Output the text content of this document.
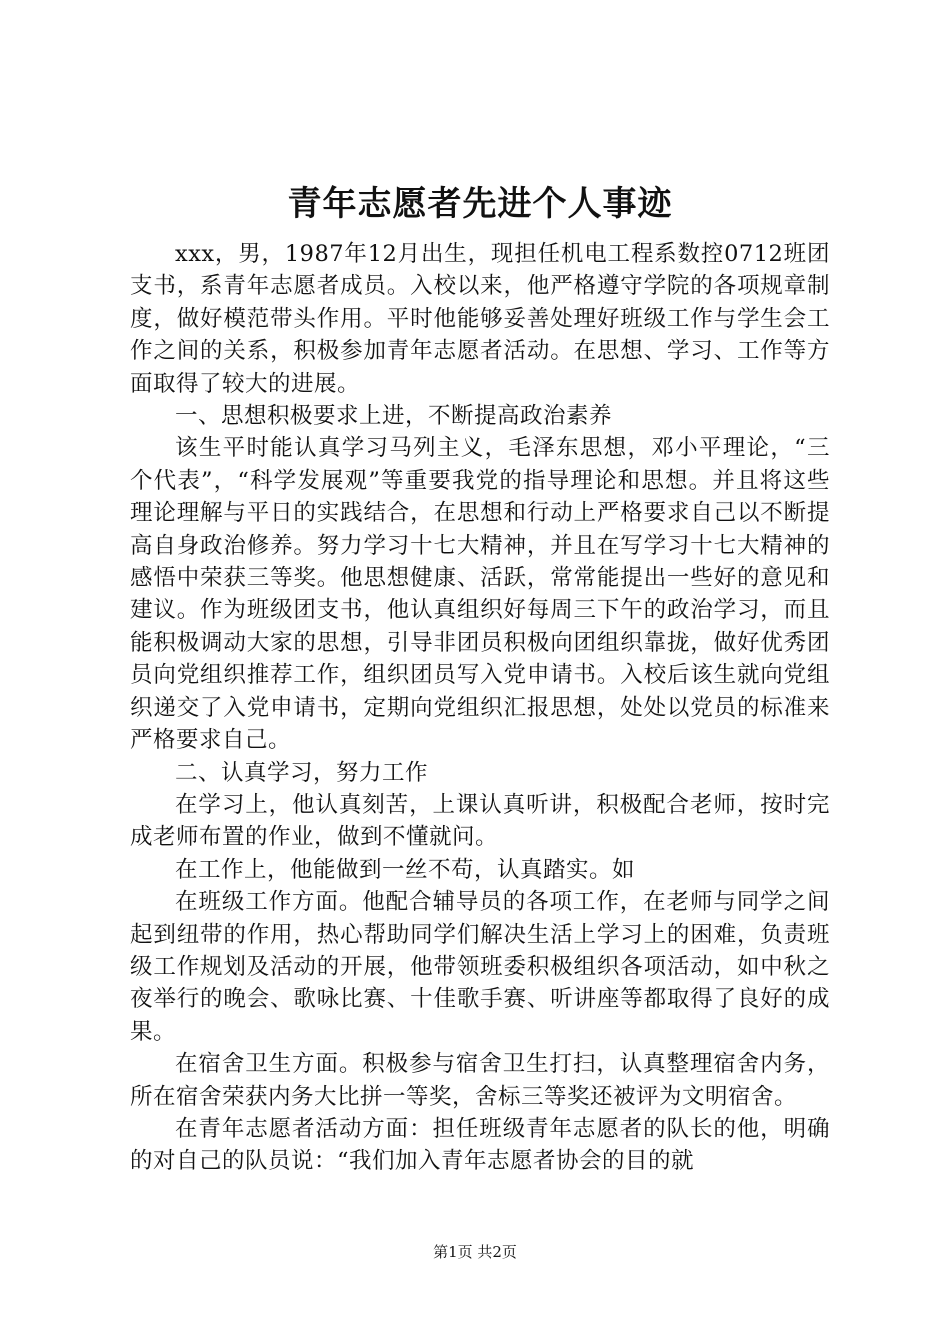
青年志愿者先进个人事迹

xxx，男，1987年12月出生，现担任机电工程系数控0712班团支书，系青年志愿者成员。入校以来，他严格遵守学院的各项规章制度，做好模范带头作用。平时他能够妥善处理好班级工作与学生会工作之间的关系，积极参加青年志愿者活动。在思想、学习、工作等方面取得了较大的进展。

一、思想积极要求上进，不断提高政治素养

该生平时能认真学习马列主义，毛泽东思想，邓小平理论，“三个代表”，“科学发展观”等重要我党的指导理论和思想。并且将这些理论理解与平日的实践结合，在思想和行动上严格要求自己以不断提高自身政治修养。努力学习十七大精神，并且在写学习十七大精神的感悟中荣获三等奖。他思想健康、活跃，常常能提出一些好的意见和建议。作为班级团支书，他认真组织好每周三下午的政治学习，而且能积极调动大家的思想，引导非团员积极向团组织靠拢，做好优秀团员向党组织推荐工作，组织团员写入党申请书。入校后该生就向党组织递交了入党申请书，定期向党组织汇报思想，处处以党员的标准来严格要求自己。

二、认真学习，努力工作

在学习上，他认真刻苦，上课认真听讲，积极配合老师，按时完成老师布置的作业，做到不懂就问。

在工作上，他能做到一丝不苟，认真踏实。如

在班级工作方面。他配合辅导员的各项工作，在老师与同学之间起到纽带的作用，热心帮助同学们解决生活上学习上的困难，负责班级工作规划及活动的开展，他带领班委积极组织各项活动，如中秋之夜举行的晚会、歌咏比赛、十佳歌手赛、听讲座等都取得了良好的成果。

在宿舍卫生方面。积极参与宿舍卫生打扫，认真整理宿舍内务，所在宿舍荣获内务大比拼一等奖，舍标三等奖还被评为文明宿舍。

在青年志愿者活动方面：担任班级青年志愿者的队长的他，明确的对自己的队员说：“我们加入青年志愿者协会的目的就

第1页 共2页
